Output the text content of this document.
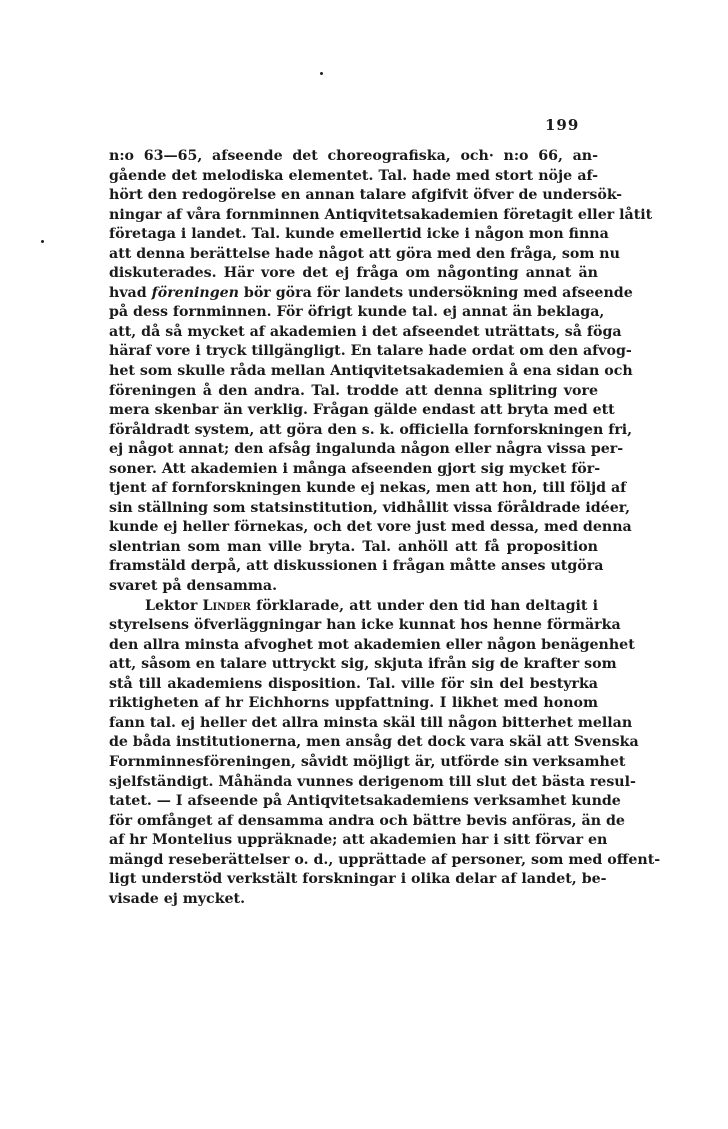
199
n:o 63—65, afseende det choreografiska, och· n:o 66, an-
gående det melodiska elementet. Tal. hade med stort nöje af-
hört den redogörelse en annan talare afgifvit öfver de undersök-
ningar af våra fornminnen Antiqvitetsakademien företagit eller låtit
företaga i landet. Tal. kunde emellertid icke i någon mon finna
att denna berättelse hade något att göra med den fråga, som nu
diskuterades. Här vore det ej fråga om någonting annat än
hvad föreningen bör göra för landets undersökning med afseende
på dess fornminnen. För öfrigt kunde tal. ej annat än beklaga,
att, då så mycket af akademien i det afseendet uträttats, så föga
häraf vore i tryck tillgängligt. En talare hade ordat om den afvog-
het som skulle råda mellan Antiqvitetsakademien å ena sidan och
föreningen å den andra. Tal. trodde att denna splitring vore
mera skenbar än verklig. Frågan gälde endast att bryta med ett
föråldradt system, att göra den s. k. officiella fornforskningen fri,
ej något annat; den afsåg ingalunda någon eller några vissa per-
soner. Att akademien i många afseenden gjort sig mycket för-
tjent af fornforskningen kunde ej nekas, men att hon, till följd af
sin ställning som statsinstitution, vidhållit vissa föråldrade idéer,
kunde ej heller förnekas, och det vore just med dessa, med denna
slentrian som man ville bryta. Tal. anhöll att få proposition
framstäld derpå, att diskussionen i frågan måtte anses utgöra
svaret på densamma.
Lektor Linder förklarade, att under den tid han deltagit i
styrelsens öfverläggningar han icke kunnat hos henne förmärka
den allra minsta afvoghet mot akademien eller någon benägenhet
att, såsom en talare uttryckt sig, skjuta ifrån sig de krafter som
stå till akademiens disposition. Tal. ville för sin del bestyrka
riktigheten af hr Eichhorns uppfattning. I likhet med honom
fann tal. ej heller det allra minsta skäl till någon bitterhet mellan
de båda institutionerna, men ansåg det dock vara skäl att Svenska
Fornminnesföreningen, såvidt möjligt är, utförde sin verksamhet
sjelfständigt. Måhända vunnes derigenom till slut det bästa resul-
tatet. — I afseende på Antiqvitetsakademiens verksamhet kunde
för omfånget af densamma andra och bättre bevis anföras, än de
af hr Montelius uppräknade; att akademien har i sitt förvar en
mängd reseberättelser o. d., upprättade af personer, som med offent-
ligt understöd verkstält forskningar i olika delar af landet, be-
visade ej mycket.
